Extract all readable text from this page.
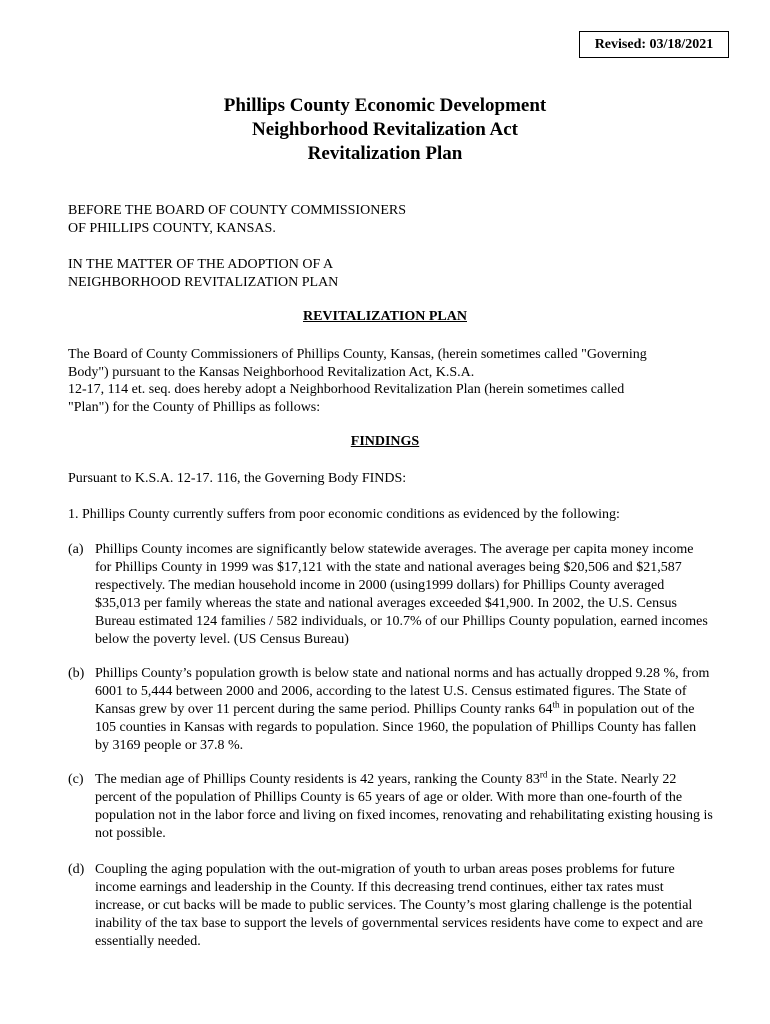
Revised: 03/18/2021
Phillips County Economic Development
Neighborhood Revitalization Act
Revitalization Plan
BEFORE THE BOARD OF COUNTY COMMISSIONERS
OF PHILLIPS COUNTY, KANSAS.
IN THE MATTER OF THE ADOPTION OF A
NEIGHBORHOOD REVITALIZATION PLAN
REVITALIZATION PLAN
The Board of County Commissioners of Phillips County, Kansas, (herein sometimes called "Governing
Body") pursuant to the Kansas Neighborhood Revitalization Act, K.S.A.
12-17, 114 et. seq. does hereby adopt a Neighborhood Revitalization Plan (herein sometimes called
"Plan") for the County of Phillips as follows:
FINDINGS
Pursuant to K.S.A. 12-17. 116, the Governing Body FINDS:
1. Phillips County currently suffers from poor economic conditions as evidenced by the following:
(a) Phillips County incomes are significantly below statewide averages. The average per capita money income for Phillips County in 1999 was $17,121 with the state and national averages being $20,506 and $21,587 respectively. The median household income in 2000 (using1999 dollars) for Phillips County averaged $35,013 per family whereas the state and national averages exceeded $41,900. In 2002, the U.S. Census Bureau estimated 124 families / 582 individuals, or 10.7% of our Phillips County population, earned incomes below the poverty level. (US Census Bureau)
(b) Phillips County’s population growth is below state and national norms and has actually dropped 9.28 %, from 6001 to 5,444 between 2000 and 2006, according to the latest U.S. Census estimated figures. The State of Kansas grew by over 11 percent during the same period. Phillips County ranks 64th in population out of the 105 counties in Kansas with regards to population. Since 1960, the population of Phillips County has fallen by 3169 people or 37.8 %.
(c) The median age of Phillips County residents is 42 years, ranking the County 83rd in the State. Nearly 22 percent of the population of Phillips County is 65 years of age or older. With more than one-fourth of the population not in the labor force and living on fixed incomes, renovating and rehabilitating existing housing is not possible.
(d) Coupling the aging population with the out-migration of youth to urban areas poses problems for future income earnings and leadership in the County. If this decreasing trend continues, either tax rates must increase, or cut backs will be made to public services. The County’s most glaring challenge is the potential inability of the tax base to support the levels of governmental services residents have come to expect and are essentially needed.
